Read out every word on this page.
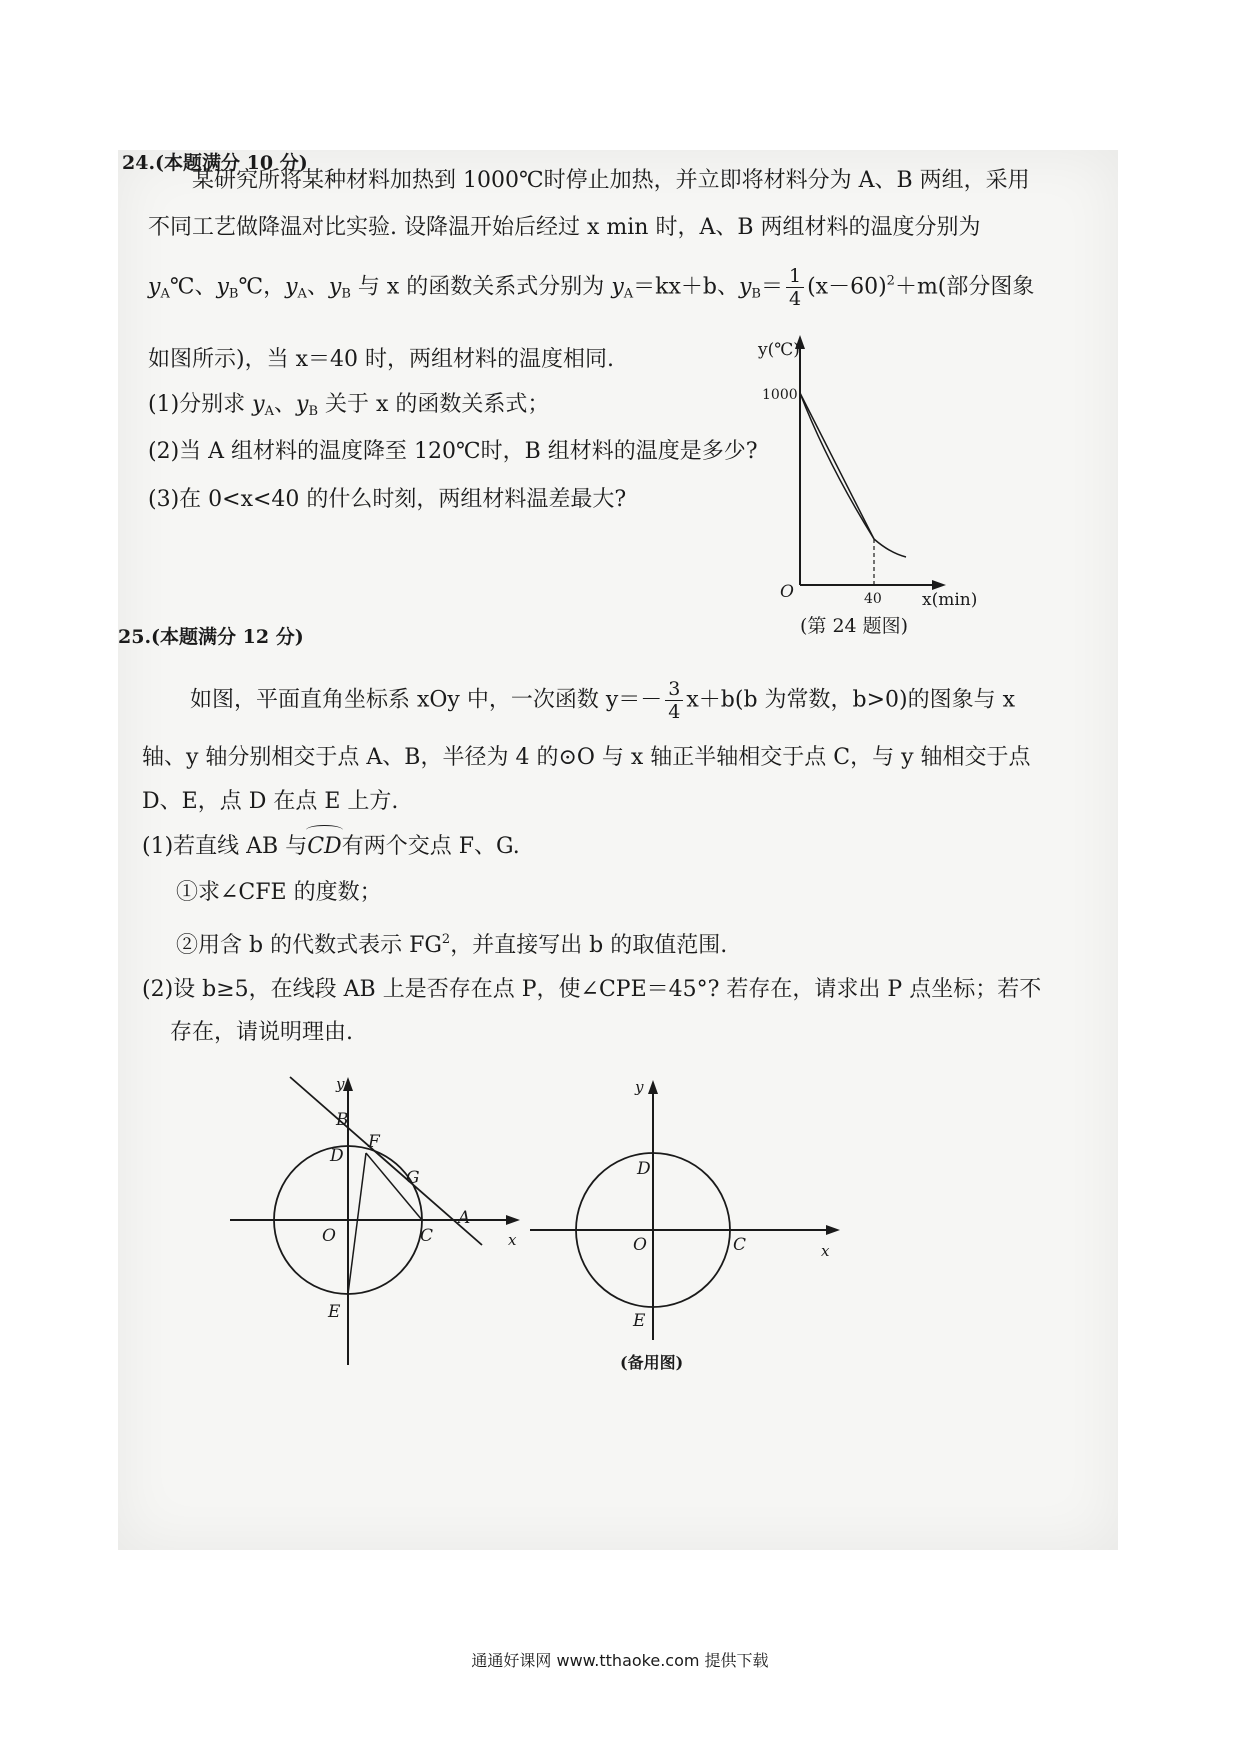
24.(本题满分 10 分)
某研究所将某种材料加热到 1000℃时停止加热，并立即将材料分为 A、B 两组，采用
不同工艺做降温对比实验. 设降温开始后经过 x min 时，A、B 两组材料的温度分别为
$y_A℃$、$y_B℃$，$y_A$、$y_B$ 与 x 的函数关系式分别为 $y_A=kx+b$、$y_B= \frac{1}{4} (x-60)^2+m$(部分图象
如图所示)，当 x＝40 时，两组材料的温度相同.
(1)分别求 $y_A$、$y_B$ 关于 x 的函数关系式；
(2)当 A 组材料的温度降至 120℃时，B 组材料的温度是多少?
(3)在 0<x<40 的什么时刻，两组材料温差最大?
y(℃)
1000
O	40 x(min)
(第 24 题图)
25.(本题满分 12 分)
如图，平面直角坐标系 xOy 中，一次函数 $y=- \frac{3}{4} x+b(b$ 为常数，b>0)的图象与 x
轴、y 轴分别相交于点 A、B，半径为 4 的⊙O 与 x 轴正半轴相交于点 C，与 y 轴相交于点
D、E，点 D 在点 E 上方.
(1)若直线 AB 与CD有两个交点 F、G.
①求∠CFE 的度数；
②用含 b 的代数式表示 $FG^2$，并直接写出 b 的取值范围.
(2)设 b≥5，在线段 AB 上是否存在点 P，使∠CPE＝45°? 若存在，请求出 P 点坐标；若不
存在，请说明理由.
y
B
D
F
G
A
O	C	x
E
y
D
O	C	x
E
(备用图)
通通好课网 www.tthaoke.com 提供下载
